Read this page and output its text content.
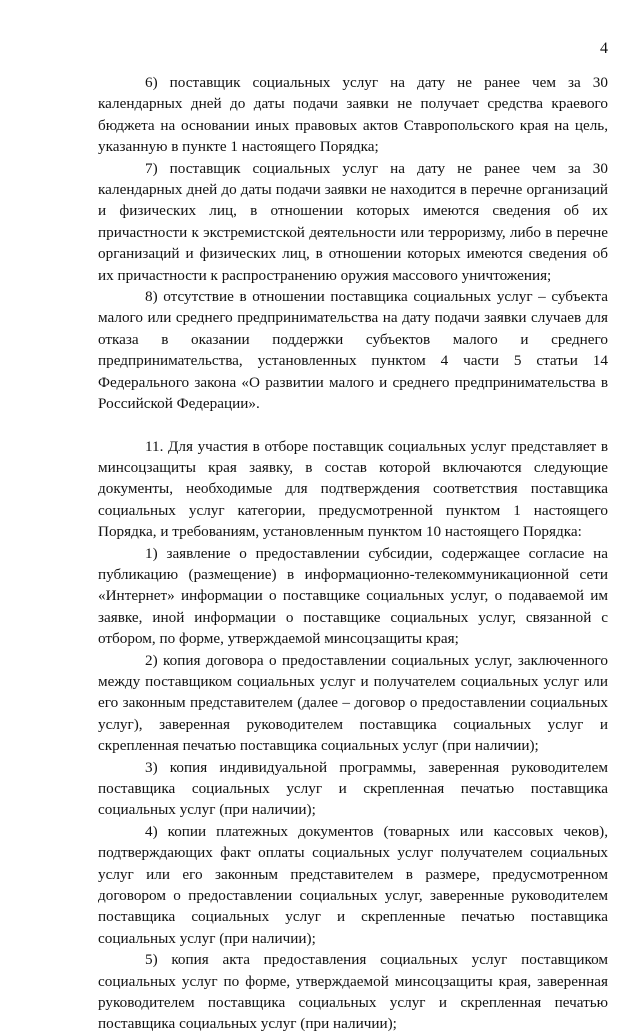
4

6) поставщик социальных услуг на дату не ранее чем за 30 календарных дней до даты подачи заявки не получает средства краевого бюджета на основании иных правовых актов Ставропольского края на цель, указанную в пункте 1 настоящего Порядка;

7) поставщик социальных услуг на дату не ранее чем за 30 календарных дней до даты подачи заявки не находится в перечне организаций и физических лиц, в отношении которых имеются сведения об их причастности к экстремистской деятельности или терроризму, либо в перечне организаций и физических лиц, в отношении которых имеются сведения об их причастности к распространению оружия массового уничтожения;

8) отсутствие в отношении поставщика социальных услуг – субъекта малого или среднего предпринимательства на дату подачи заявки случаев для отказа в оказании поддержки субъектов малого и среднего предпринимательства, установленных пунктом 4 части 5 статьи 14 Федерального закона «О развитии малого и среднего предпринимательства в Российской Федерации».

11. Для участия в отборе поставщик социальных услуг представляет в минсоцзащиты края заявку, в состав которой включаются следующие документы, необходимые для подтверждения соответствия поставщика социальных услуг категории, предусмотренной пунктом 1 настоящего Порядка, и требованиям, установленным пунктом 10 настоящего Порядка:

1) заявление о предоставлении субсидии, содержащее согласие на публикацию (размещение) в информационно-телекоммуникационной сети «Интернет» информации о поставщике социальных услуг, о подаваемой им заявке, иной информации о поставщике социальных услуг, связанной с отбором, по форме, утверждаемой минсоцзащиты края;

2) копия договора о предоставлении социальных услуг, заключенного между поставщиком социальных услуг и получателем социальных услуг или его законным представителем (далее – договор о предоставлении социальных услуг), заверенная руководителем поставщика социальных услуг и скрепленная печатью поставщика социальных услуг (при наличии);

3) копия индивидуальной программы, заверенная руководителем поставщика социальных услуг и скрепленная печатью поставщика социальных услуг (при наличии);

4) копии платежных документов (товарных или кассовых чеков), подтверждающих факт оплаты социальных услуг получателем социальных услуг или его законным представителем в размере, предусмотренном договором о предоставлении социальных услуг, заверенные руководителем поставщика социальных услуг и скрепленные печатью поставщика социальных услуг (при наличии);

5) копия акта предоставления социальных услуг поставщиком социальных услуг по форме, утверждаемой минсоцзащиты края, заверенная руководителем поставщика социальных услуг и скрепленная печатью поставщика социальных услуг (при наличии);
